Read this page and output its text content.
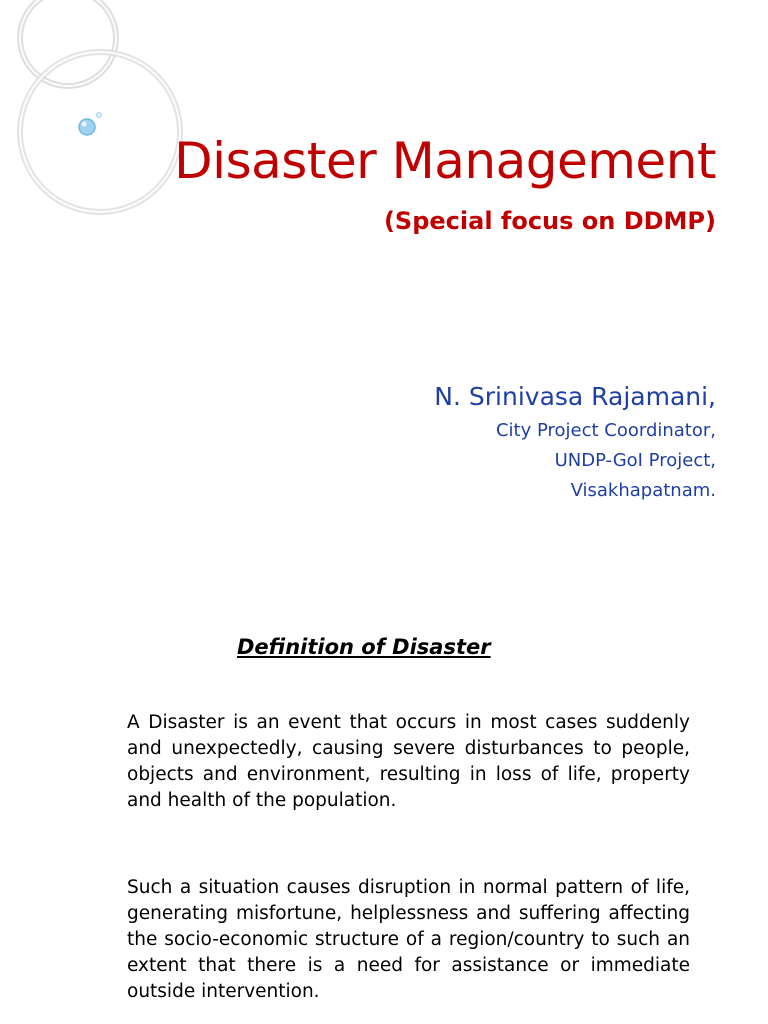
Disaster Management
(Special focus on DDMP)
N. Srinivasa Rajamani,
City Project Coordinator,
UNDP-GoI Project,
Visakhapatnam.
Definition of Disaster

A Disaster is an event that occurs in most cases suddenly and unexpectedly, causing severe disturbances to people, objects and environment, resulting in loss of life, property and health of the population.

Such a situation causes disruption in normal pattern of life, generating misfortune, helplessness and suffering affecting the socio-economic structure of a region/country to such an extent that there is a need for assistance or immediate outside intervention.
